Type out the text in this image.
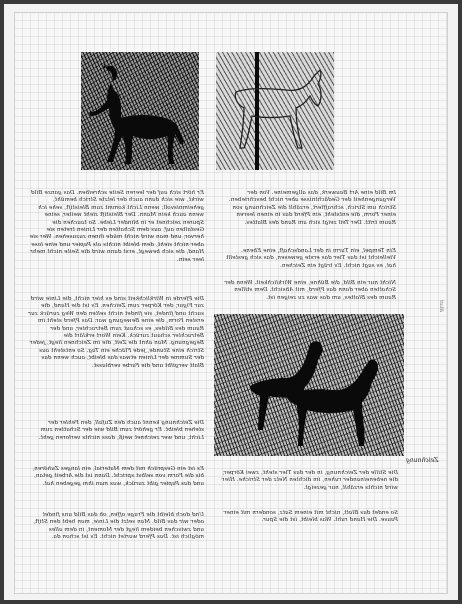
Er hört sich auf der leeren Seite schreiben. Das ganze Bild wirkt, wie sich dann auch der letzte Strich bemüht, geheimnisvoll; wenn Licht kommt zum Bleistift, sehe ich wenn auch kein Mann. Der Bleistift zieht weiter, seine Spuren zeichnet er in blinder Liebe. So tauchen die Gestalten auf, aus dem Schatten der Linien treten sie hervor, und man wird nicht müde ihnen zuzusehen. Wer sie aber nicht sieht, dem bleibt nichts als Papier und eine lose Hand, die sich bewegt, erst dann wird die Seite nicht mehr leer sein.
Im Bild eine Art Bauwerk, das allgemeine. Von der Vergangenheit der Gedächtnisse aber nicht beschrieben. Strich um Strich, schraffiert, erzählt die Zeichnung von einer Form, die entsteht, ein Pferd das in einen leeren Raum tritt. Der Teil zeigt sich am Rand des Blattes.
Ein Tempel, ein Turm in der Landschaft, eine Ebene. Vielleicht ist das Tier das erste gewesen, das sich gestellt hat, es sagt nicht. Es trägt ein Zeichen.
Nicht nur ein Bild, die Bühne, eine Wirklichkeit. Wenn der Schatten aber dann das Pferd, mit Absicht. Dem stillen Raum des Blattes, um das was zu zeigen ist.
Die Pferde in Wirklichkeit sind es hier nicht, die Linie wird zur Figur, der Körper zum Zeichen. Es ist die Hand, die sucht und findet, sie findet nicht selten den Weg zurück zur ersten Form, die eine Bewegung war. Das Pferd steht im Raum des Bildes, es schaut zum Betrachter, und der Betrachter schaut zurück. Kein Wort erklärt die Begegnung. Man ahnt die Zeit, die im Zeichnen liegt, jeder Strich eine Stunde, jede Fläche ein Tag. So entsteht aus der Summe der Linien etwas das bleibt, auch wenn das Blatt vergilbt und die Farbe verblasst.
Die Zeichnung kennt auch den Zufall, den Fehler der stehen bleibt. Er gehört zum Bild wie der Schatten zum Licht, und wer zeichnet weiß, dass nichts verloren geht.
Es ist ein Gespräch mit dem Material, ein langes Zuhören, bis die Form von selbst spricht. Dann ist die Arbeit getan, und das Papier gibt zurück, was man ihm gegeben hat.
Und doch bleibt die Frage offen, ob das Bild uns findet oder wir das Bild. Man setzt die Linie, man hebt den Stift, und zwischen beidem liegt der Moment, in dem alles möglich ist. Das Pferd wartet nicht. Es ist schon da.
Zeichnung
Die Stille der Zeichnung, in der das Tier steht, zwei Körper, die nebeneinander ruhen, im dichten Netz der Striche. Hier wird nichts erzählt, nur gezeigt.
So endet das Blatt, nicht mit einem Satz, sondern mit einer Pause. Die Hand ruht. Was bleibt, ist die Spur.
Blatt
